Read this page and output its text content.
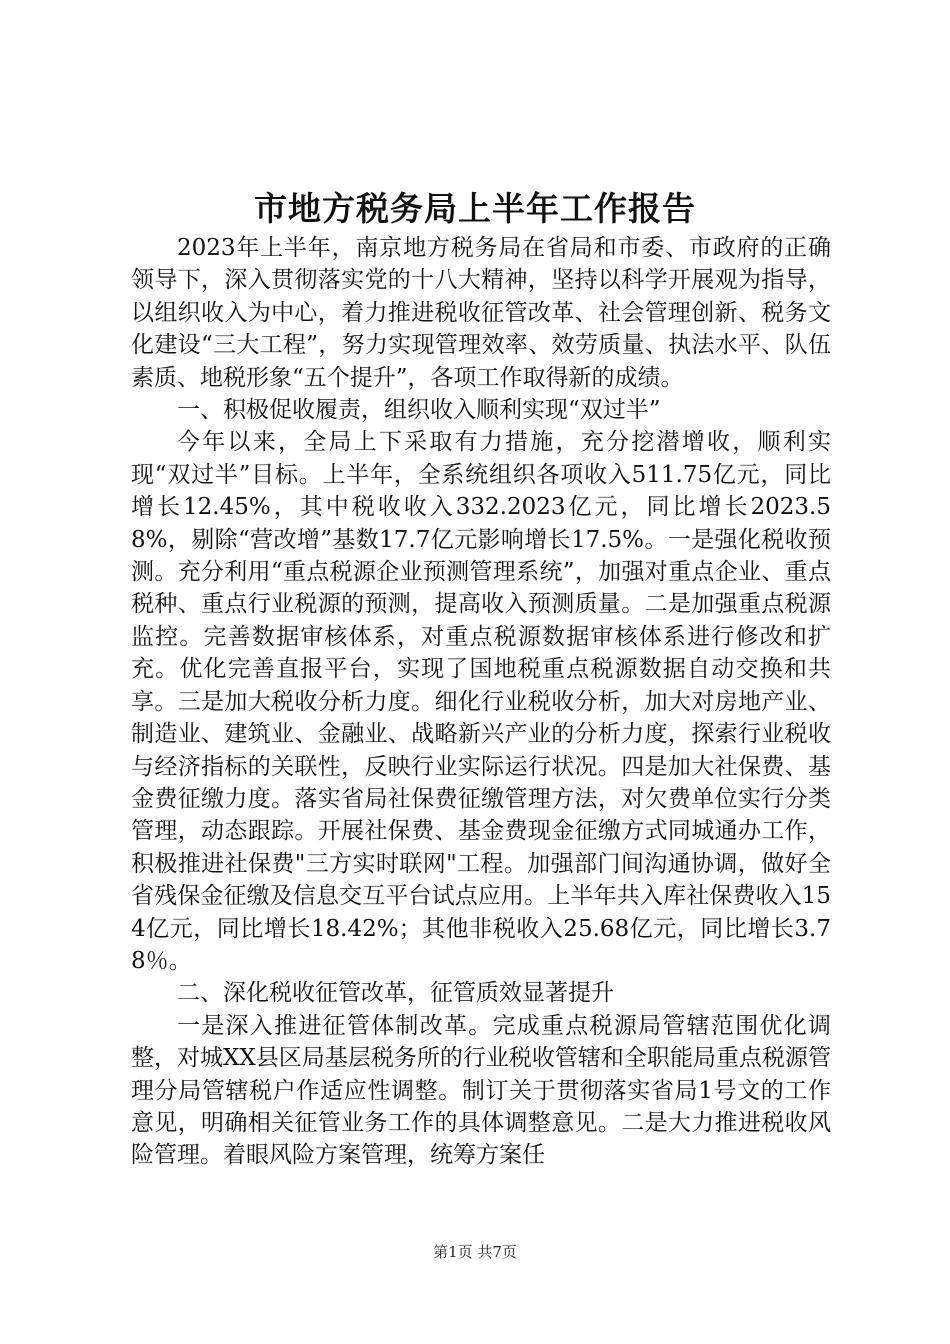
市地方税务局上半年工作报告

2023年上半年，南京地方税务局在省局和市委、市政府的正确领导下，深入贯彻落实党的十八大精神，坚持以科学开展观为指导，以组织收入为中心，着力推进税收征管改革、社会管理创新、税务文化建设“三大工程”，努力实现管理效率、效劳质量、执法水平、队伍素质、地税形象“五个提升”，各项工作取得新的成绩。

一、积极促收履责，组织收入顺利实现“双过半”

今年以来，全局上下采取有力措施，充分挖潜增收，顺利实现“双过半”目标。上半年，全系统组织各项收入511.75亿元，同比增长12.45%，其中税收收入332.2023亿元，同比增长2023.58%，剔除“营改增”基数17.7亿元影响增长17.5%。一是强化税收预测。充分利用“重点税源企业预测管理系统”，加强对重点企业、重点税种、重点行业税源的预测，提高收入预测质量。二是加强重点税源监控。完善数据审核体系，对重点税源数据审核体系进行修改和扩充。优化完善直报平台，实现了国地税重点税源数据自动交换和共享。三是加大税收分析力度。细化行业税收分析，加大对房地产业、制造业、建筑业、金融业、战略新兴产业的分析力度，探索行业税收与经济指标的关联性，反映行业实际运行状况。四是加大社保费、基金费征缴力度。落实省局社保费征缴管理方法，对欠费单位实行分类管理，动态跟踪。开展社保费、基金费现金征缴方式同城通办工作，积极推进社保费"三方实时联网"工程。加强部门间沟通协调，做好全省残保金征缴及信息交互平台试点应用。上半年共入库社保费收入154亿元，同比增长18.42%；其他非税收入25.68亿元，同比增长3.78％。

二、深化税收征管改革，征管质效显著提升

一是深入推进征管体制改革。完成重点税源局管辖范围优化调整，对城XX县区局基层税务所的行业税收管辖和全职能局重点税源管理分局管辖税户作适应性调整。制订关于贯彻落实省局1号文的工作意见，明确相关征管业务工作的具体调整意见。二是大力推进税收风险管理。着眼风险方案管理，统筹方案任

第1页 共7页
